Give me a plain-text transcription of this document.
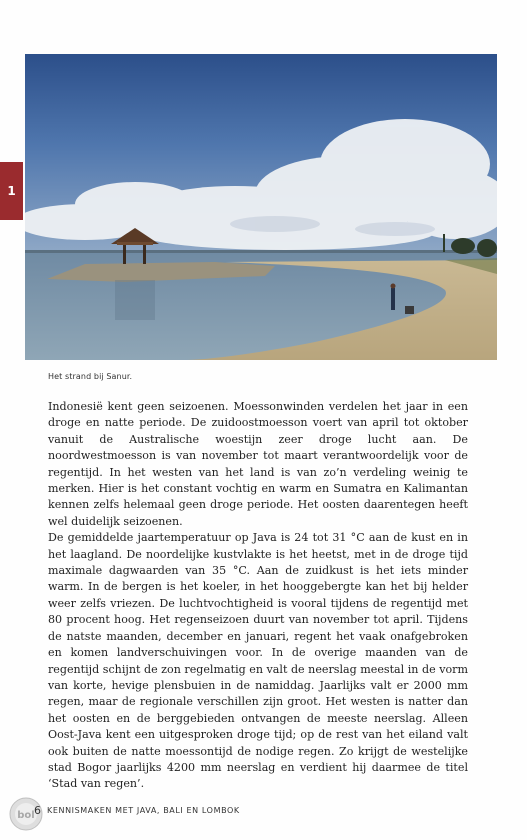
1
Het strand bij Sanur.

Indonesië kent geen seizoenen. Moessonwinden verdelen het jaar in een droge en natte periode. De zuidoostmoesson voert van april tot oktober vanuit de Australische woestijn zeer droge lucht aan. De noordwestmoesson is van november tot maart verantwoordelijk voor de regentijd. In het westen van het land is van zo’n verdeling weinig te merken. Hier is het constant vochtig en warm en Sumatra en Kalimantan kennen zelfs helemaal geen droge periode. Het oosten daarentegen heeft wel duidelijk seizoenen.

De gemiddelde jaartemperatuur op Java is 24 tot 31 °C aan de kust en in het laagland. De noordelijke kustvlakte is het heetst, met in de droge tijd maximale dagwaarden van 35 °C. Aan de zuidkust is het iets minder warm. In de bergen is het koeler, in het hooggebergte kan het bij helder weer zelfs vriezen. De luchtvochtigheid is vooral tijdens de regentijd met 80 procent hoog. Het regenseizoen duurt van november tot april. Tijdens de natste maanden, december en januari, regent het vaak onafgebroken en komen landverschuivingen voor. In de overige maanden van de regentijd schijnt de zon regelmatig en valt de neerslag meestal in de vorm van korte, hevige plensbuien in de namiddag. Jaarlijks valt er 2000 mm regen, maar de regionale verschillen zijn groot. Het westen is natter dan het oosten en de berggebieden ontvangen de meeste neerslag. Alleen Oost-Java kent een uitgesproken droge tijd; op de rest van het eiland valt ook buiten de natte moessontijd de nodige regen. Zo krijgt de westelijke stad Bogor jaarlijks 4200 mm neerslag en verdient hij daarmee de titel ‘Stad van regen’.

bol 6 KENNISMAKEN MET JAVA, BALI EN LOMBOK
